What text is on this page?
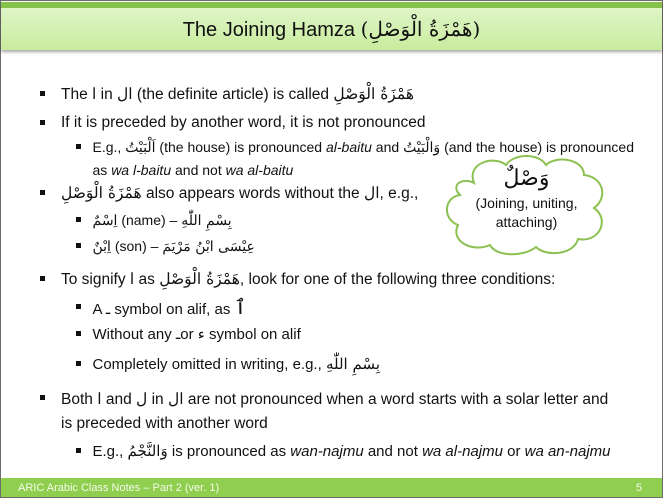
The Joining Hamza (هَمْزَةُ الْوَصْلِ)
The ا in ال (the definite article) is called هَمْزَةُ الْوَصْلِ
If it is preceded by another word, it is not pronounced
E.g., اَلْبَيْتُ (the house) is pronounced al-baitu and وَالْبَيْتُ (and the house) is pronounced
as wa l-baitu and not wa al-baitu
هَمْزَةُ الْوَصْلِ also appears words without the ال, e.g.,
اِسْمٌ (name) – بِسْمِ اللّٰهِ
اِبْنٌ (son) – عِيْسَى ابْنُ مَرْيَمَ
To signify ا as هَمْزَةُ الْوَصْلِ, look for one of the following three conditions:
A ـ symbol on alif, as ٱ
Without any ـor ء symbol on alif
Completely omitted in writing, e.g., بِسْمِ اللّٰهِ
Both ا and ل in ال are not pronounced when a word starts with a solar letter and
is preceded with another word
E.g., وَالنَّجْمُ is pronounced as wan-najmu and not wa al-najmu or wa an-najmu
وَصْلٌ
(Joining, uniting,
attaching)
ARIC Arabic Class Notes – Part 2 (ver. 1)	5
